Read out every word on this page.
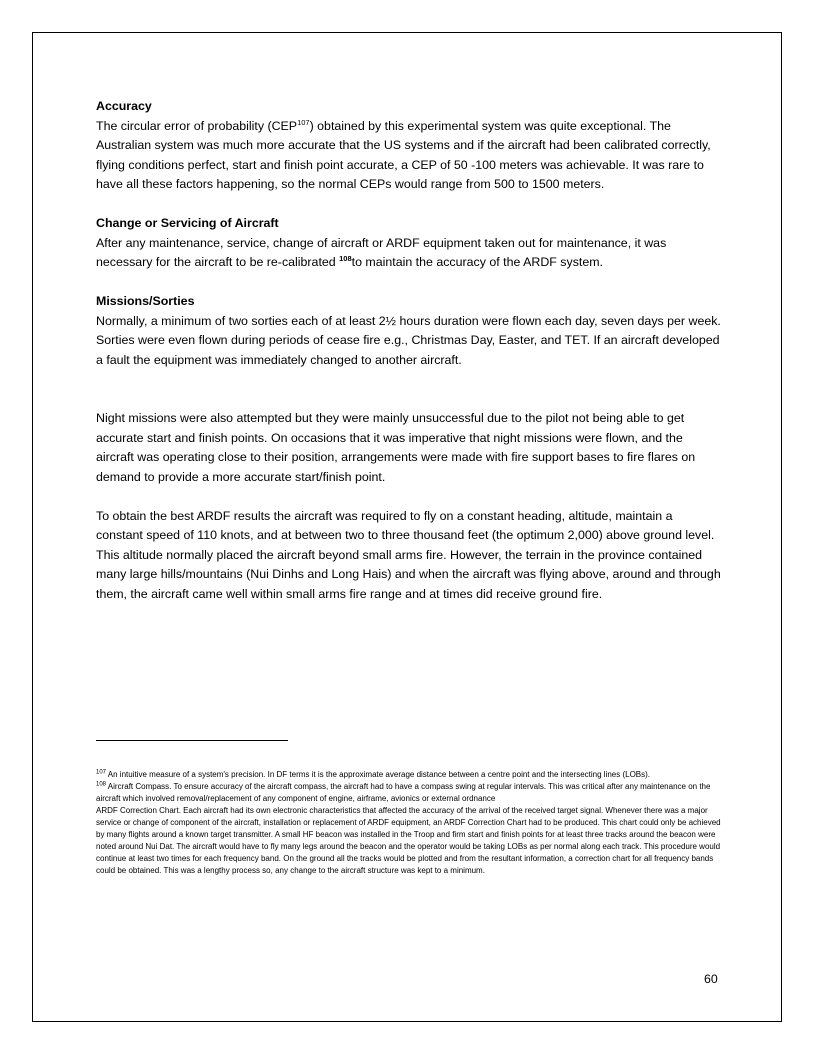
Accuracy

The circular error of probability (CEP$^{107}$) obtained by this experimental system was quite exceptional. The Australian system was much more accurate that the US systems and if the aircraft had been calibrated correctly, flying conditions perfect, start and finish point accurate, a CEP of 50 -100 meters was achievable. It was rare to have all these factors happening, so the normal CEPs would range from 500 to 1500 meters.

Change or Servicing of Aircraft

After any maintenance, service, change of aircraft or ARDF equipment taken out for maintenance, it was necessary for the aircraft to be re-calibrated $^{108}$to maintain the accuracy of the ARDF system.

Missions/Sorties

Normally, a minimum of two sorties each of at least 2½ hours duration were flown each day, seven days per week. Sorties were even flown during periods of cease fire e.g., Christmas Day, Easter, and TET. If an aircraft developed a fault the equipment was immediately changed to another aircraft.

Night missions were also attempted but they were mainly unsuccessful due to the pilot not being able to get accurate start and finish points. On occasions that it was imperative that night missions were flown, and the aircraft was operating close to their position, arrangements were made with fire support bases to fire flares on demand to provide a more accurate start/finish point.

To obtain the best ARDF results the aircraft was required to fly on a constant heading, altitude, maintain a constant speed of 110 knots, and at between two to three thousand feet (the optimum 2,000) above ground level. This altitude normally placed the aircraft beyond small arms fire. However, the terrain in the province contained many large hills/mountains (Nui Dinhs and Long Hais) and when the aircraft was flying above, around and through them, the aircraft came well within small arms fire range and at times did receive ground fire.

$^{107}$ An intuitive measure of a system's precision. In DF terms it is the approximate average distance between a centre point and the intersecting lines (LOBs).

$^{108}$ Aircraft Compass. To ensure accuracy of the aircraft compass, the aircraft had to have a compass swing at regular intervals. This was critical after any maintenance on the aircraft which involved removal/replacement of any component of engine, airframe, avionics or external ordnance

ARDF Correction Chart. Each aircraft had its own electronic characteristics that affected the accuracy of the arrival of the received target signal. Whenever there was a major service or change of component of the aircraft, installation or replacement of ARDF equipment, an ARDF Correction Chart had to be produced. This chart could only be achieved by many flights around a known target transmitter. A small HF beacon was installed in the Troop and firm start and finish points for at least three tracks around the beacon were noted around Nui Dat. The aircraft would have to fly many legs around the beacon and the operator would be taking LOBs as per normal along each track. This procedure would continue at least two times for each frequency band. On the ground all the tracks would be plotted and from the resultant information, a correction chart for all frequency bands could be obtained. This was a lengthy process so, any change to the aircraft structure was kept to a minimum.

60
